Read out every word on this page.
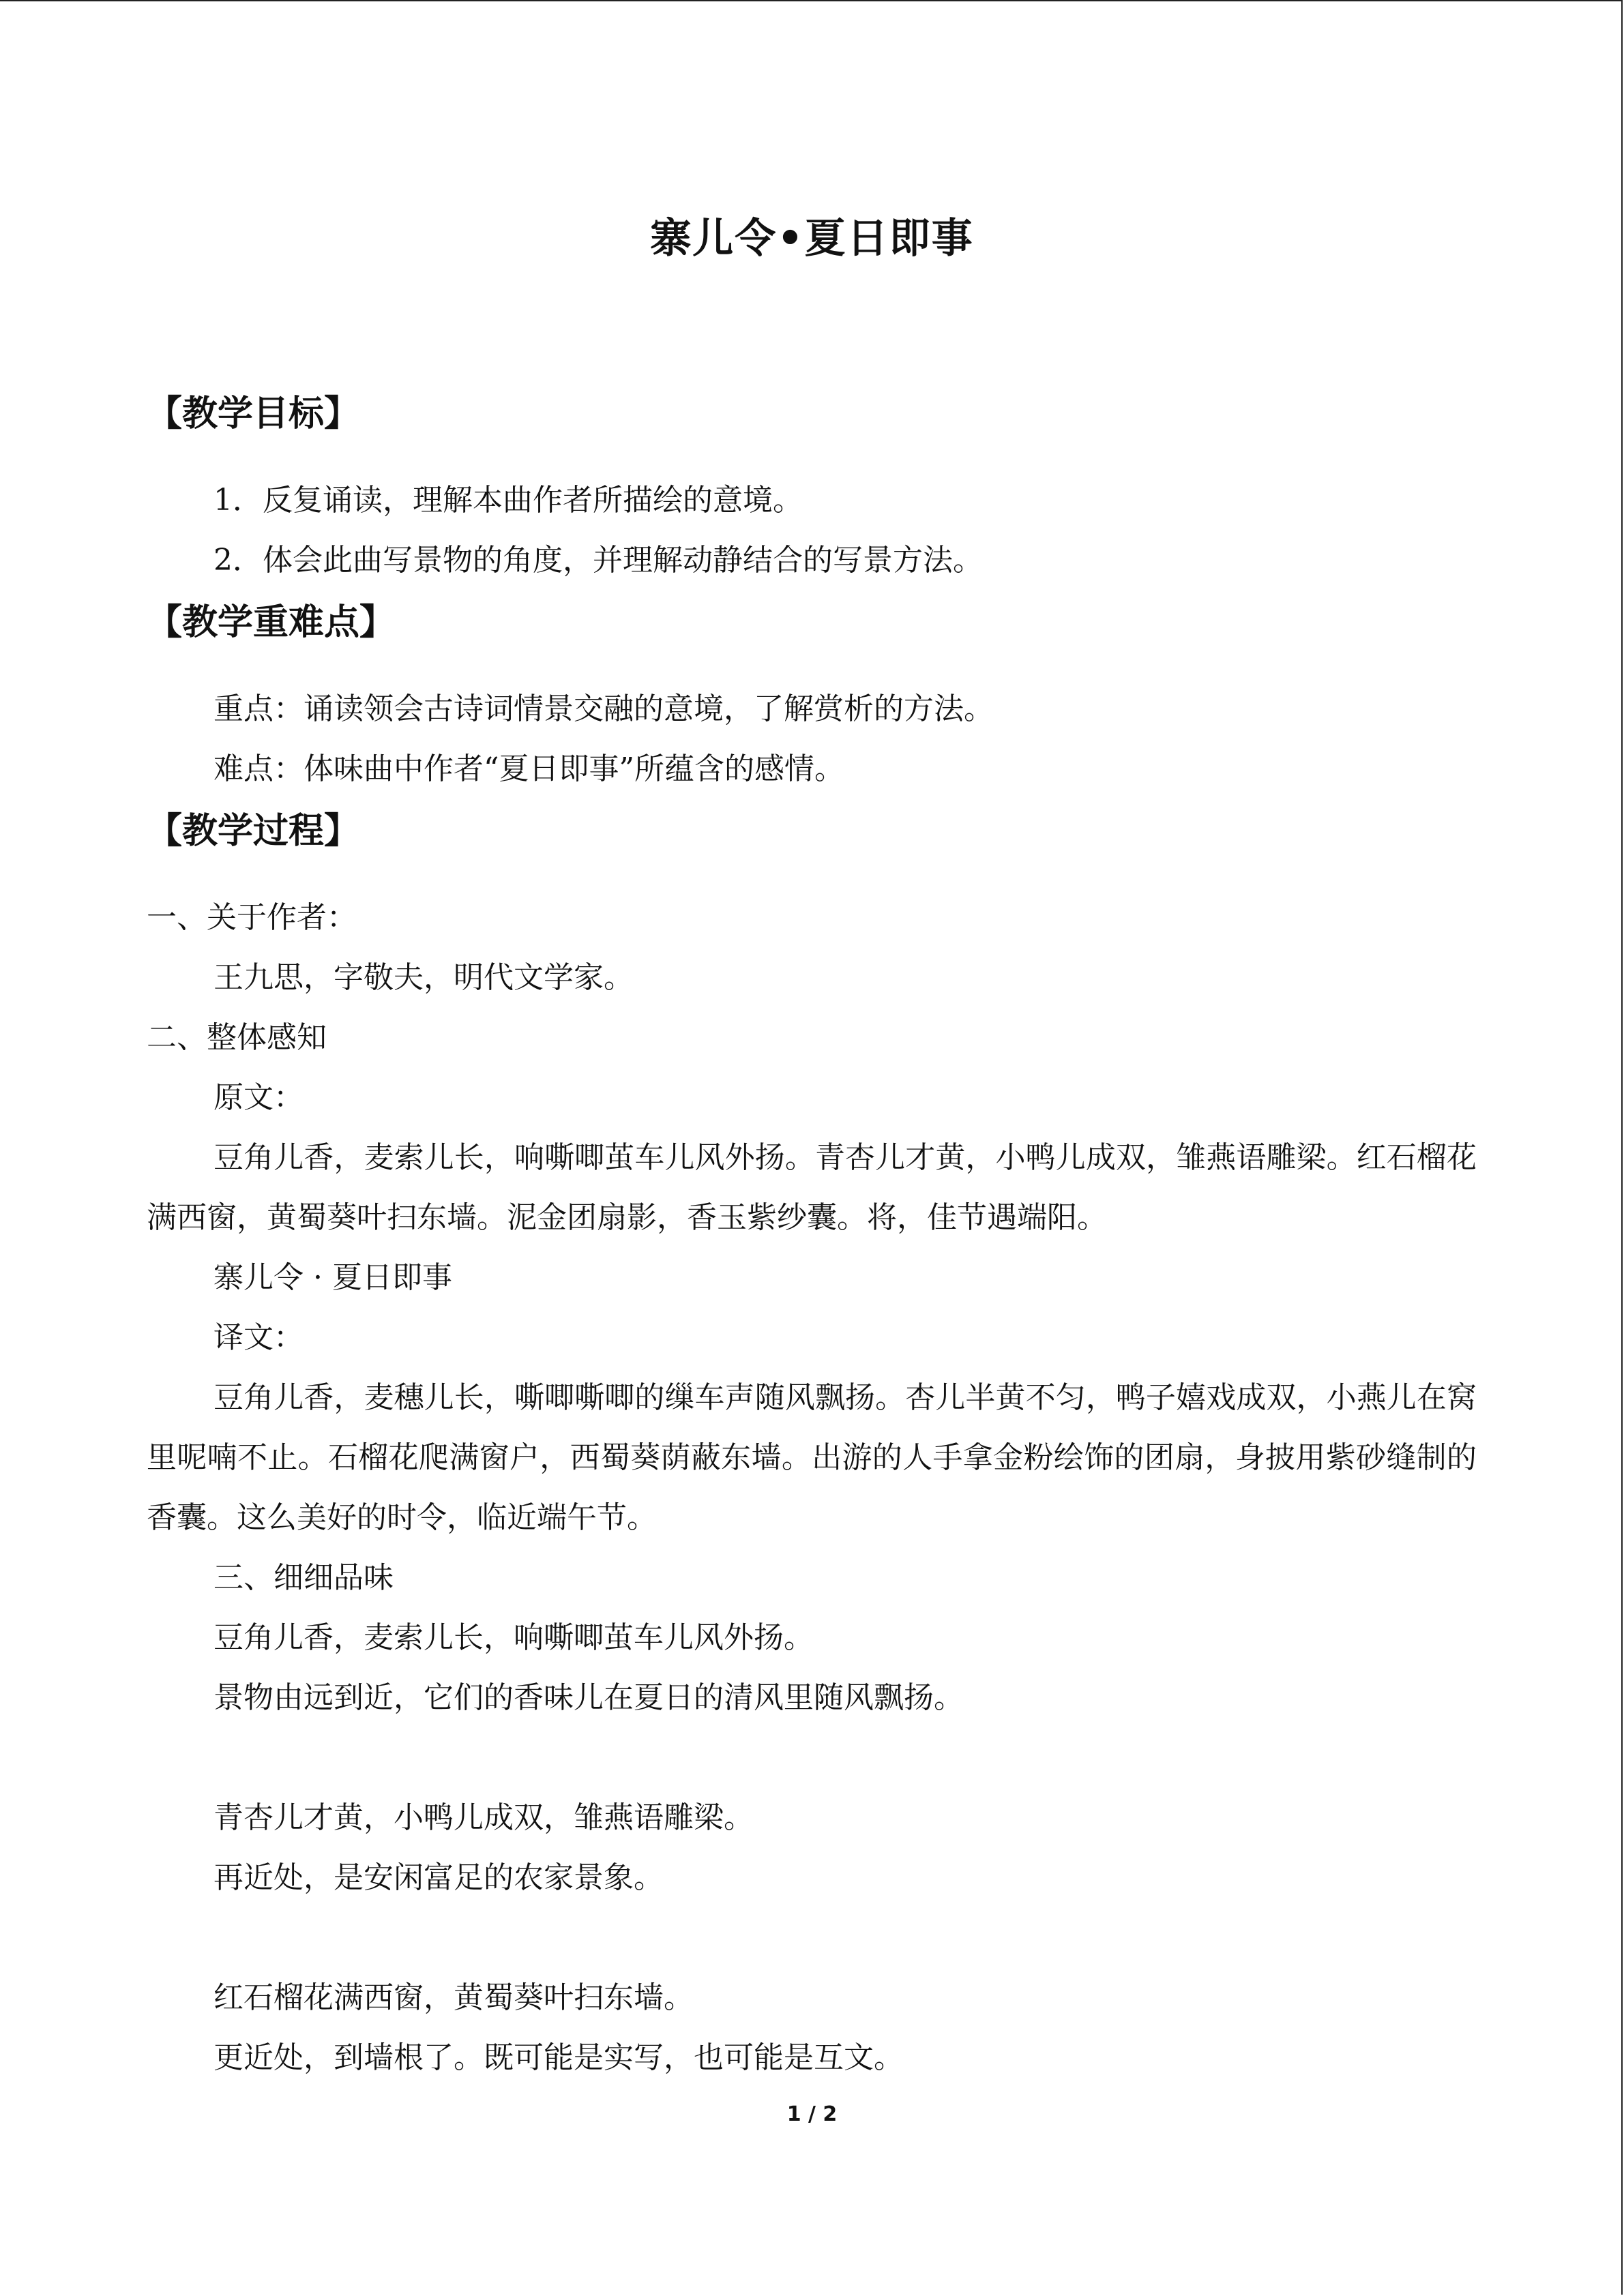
寨儿令•夏日即事
【教学目标】

1．反复诵读，理解本曲作者所描绘的意境。

2．体会此曲写景物的角度，并理解动静结合的写景方法。

【教学重难点】

重点：诵读领会古诗词情景交融的意境，了解赏析的方法。

难点：体味曲中作者“夏日即事”所蕴含的感情。

【教学过程】

一、关于作者：

王九思，字敬夫，明代文学家。

二、整体感知

原文：

豆角儿香，麦索儿长，响嘶唧茧车儿风外扬。青杏儿才黄，小鸭儿成双，雏燕语雕梁。红石榴花满西窗，黄蜀葵叶扫东墙。泥金团扇影，香玉紫纱囊。将，佳节遇端阳。

寨儿令 · 夏日即事

译文：

豆角儿香，麦穗儿长，嘶唧嘶唧的缫车声随风飘扬。杏儿半黄不匀，鸭子嬉戏成双，小燕儿在窝里呢喃不止。石榴花爬满窗户，西蜀葵荫蔽东墙。出游的人手拿金粉绘饰的团扇，身披用紫砂缝制的香囊。这么美好的时令，临近端午节。

三、细细品味

豆角儿香，麦索儿长，响嘶唧茧车儿风外扬。

景物由远到近，它们的香味儿在夏日的清风里随风飘扬。

青杏儿才黄，小鸭儿成双，雏燕语雕梁。

再近处，是安闲富足的农家景象。

红石榴花满西窗，黄蜀葵叶扫东墙。

更近处，到墙根了。既可能是实写，也可能是互文。

1 / 2
